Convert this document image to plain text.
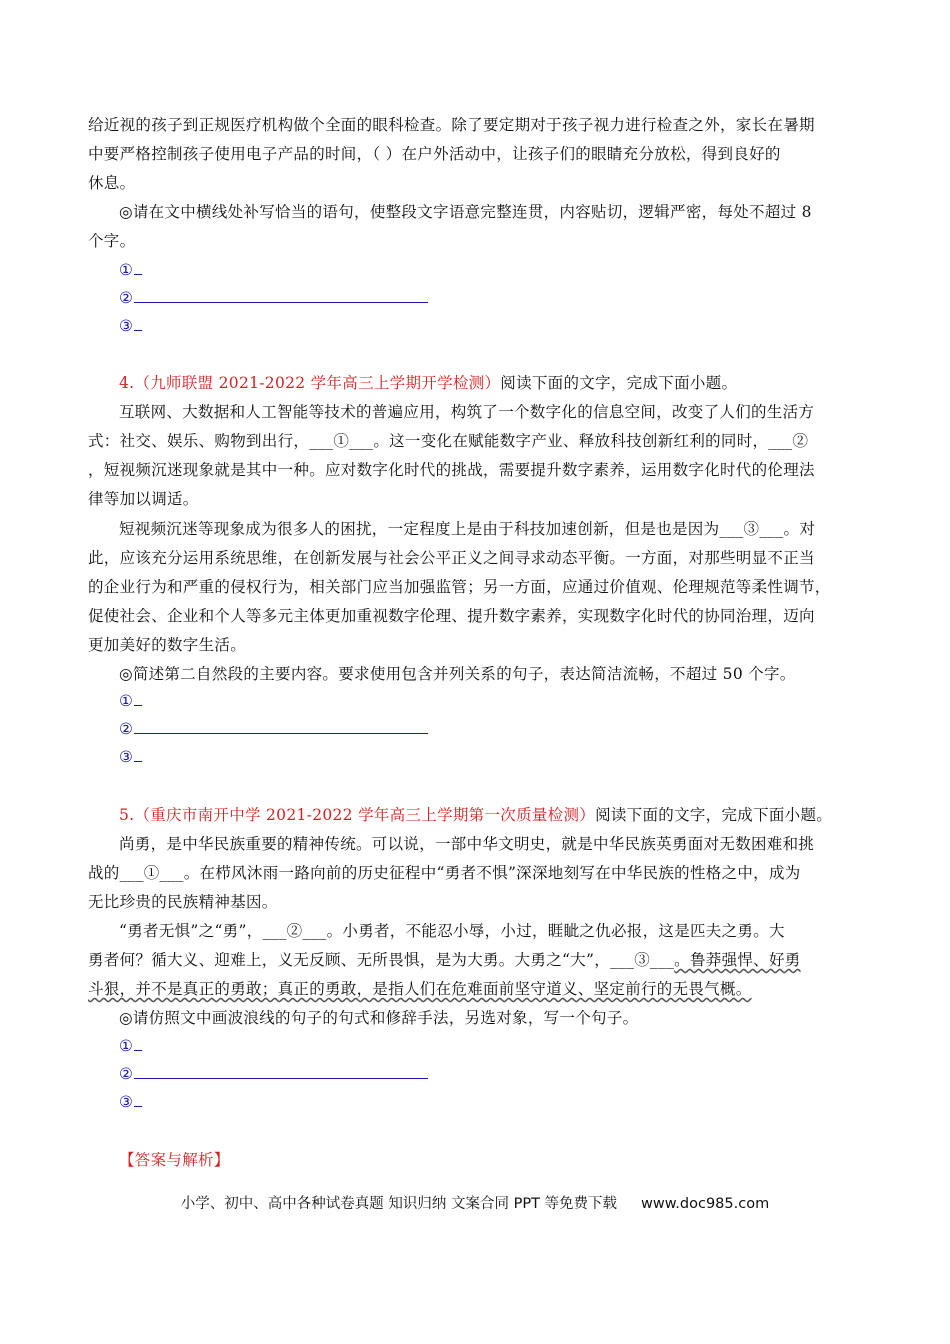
给近视的孩子到正规医疗机构做个全面的眼科检查。除了要定期对于孩子视力进行检查之外，家长在暑期

中要严格控制孩子使用电子产品的时间，（ ）在户外活动中，让孩子们的眼睛充分放松，得到良好的

休息。

◎请在文中横线处补写恰当的语句，使整段文字语意完整连贯，内容贴切，逻辑严密，每处不超过 8

个字。

①
②
③

4.（九师联盟 2021-2022 学年高三上学期开学检测）阅读下面的文字，完成下面小题。

互联网、大数据和人工智能等技术的普遍应用，构筑了一个数字化的信息空间，改变了人们的生活方

式：社交、娱乐、购物到出行，___①___。这一变化在赋能数字产业、释放科技创新红利的同时，___②

，短视频沉迷现象就是其中一种。应对数字化时代的挑战，需要提升数字素养，运用数字化时代的伦理法

律等加以调适。

短视频沉迷等现象成为很多人的困扰，一定程度上是由于科技加速创新，但是也是因为___③___。对

此，应该充分运用系统思维，在创新发展与社会公平正义之间寻求动态平衡。一方面，对那些明显不正当

的企业行为和严重的侵权行为，相关部门应当加强监管；另一方面，应通过价值观、伦理规范等柔性调节，

促使社会、企业和个人等多元主体更加重视数字伦理、提升数字素养，实现数字化时代的协同治理，迈向

更加美好的数字生活。

◎简述第二自然段的主要内容。要求使用包含并列关系的句子，表达简洁流畅，不超过 50 个字。

①
②
③

5.（重庆市南开中学 2021-2022 学年高三上学期第一次质量检测）阅读下面的文字，完成下面小题。

尚勇，是中华民族重要的精神传统。可以说，一部中华文明史，就是中华民族英勇面对无数困难和挑

战的___①___。在栉风沐雨一路向前的历史征程中“勇者不惧”深深地刻写在中华民族的性格之中，成为

无比珍贵的民族精神基因。

“勇者无惧”之“勇”，___②___。小勇者，不能忍小辱，小过，睚眦之仇必报，这是匹夫之勇。大

勇者何？循大义、迎难上，义无反顾、无所畏惧，是为大勇。大勇之“大”，___③___。鲁莽强悍、好勇

斗狠，并不是真正的勇敢；真正的勇敢，是指人们在危难面前坚守道义、坚定前行的无畏气概。

◎请仿照文中画波浪线的句子的句式和修辞手法，另选对象，写一个句子。

①
②
③

【答案与解析】

小学、初中、高中各种试卷真题 知识归纳 文案合同 PPT 等免费下载 www.doc985.com
